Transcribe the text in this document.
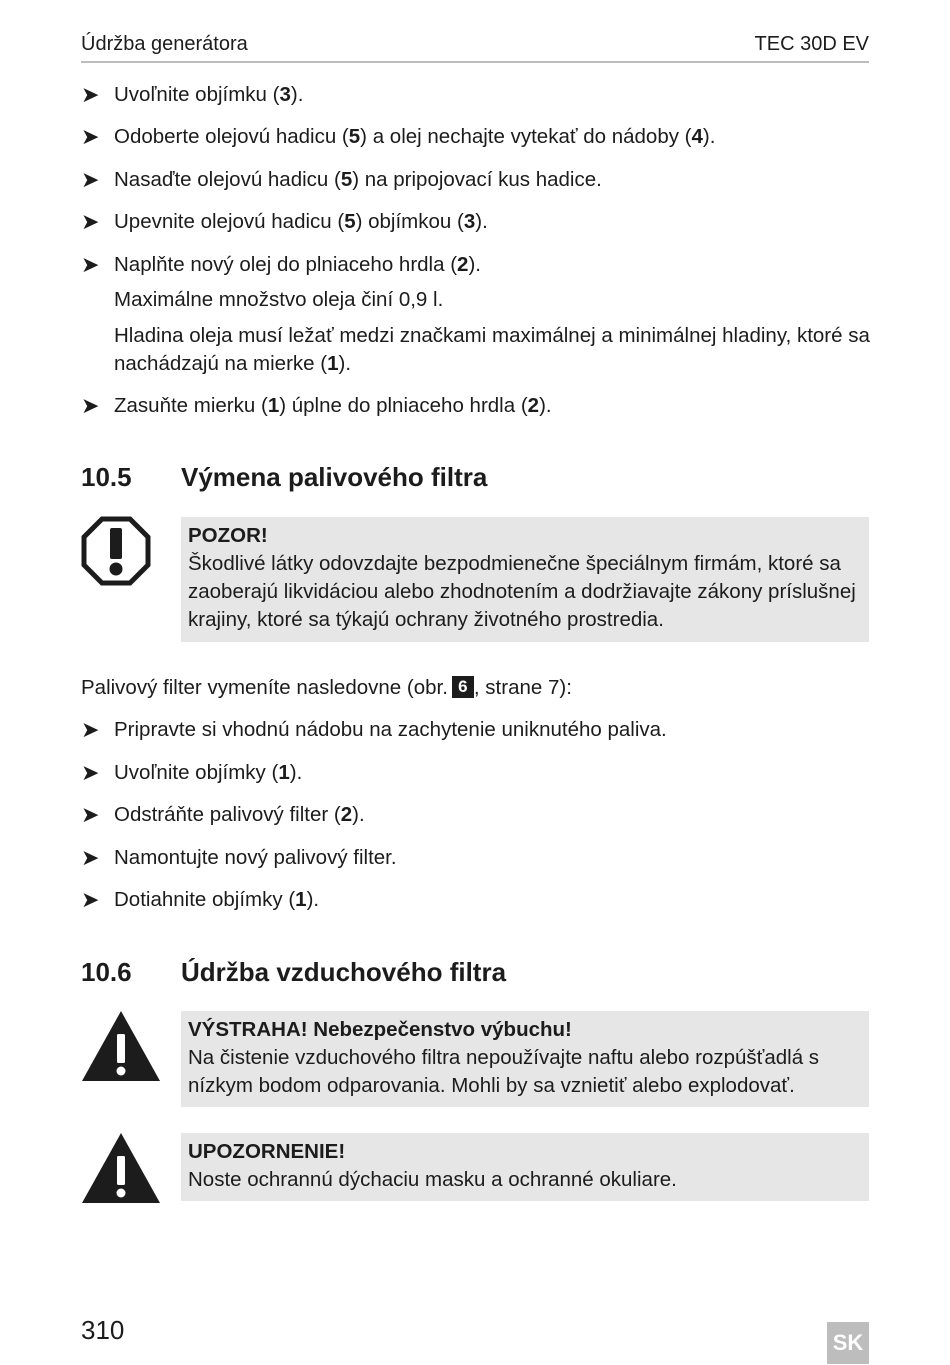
Údržba generátora	TEC 30D EV
➤ Uvoľnite objímku (3).
➤ Odoberte olejovú hadicu (5) a olej nechajte vytekať do nádoby (4).
➤ Nasaďte olejovú hadicu (5) na pripojovací kus hadice.
➤ Upevnite olejovú hadicu (5) objímkou (3).
➤ Naplňte nový olej do plniaceho hrdla (2).
Maximálne množstvo oleja činí 0,9 l.
Hladina oleja musí ležať medzi značkami maximálnej a minimálnej hladiny, ktoré sa nachádzajú na mierke (1).
➤ Zasuňte mierku (1) úplne do plniaceho hrdla (2).
10.5 Výmena palivového filtra
POZOR!
Škodlivé látky odovzdajte bezpodmienečne špeciálnym firmám, ktoré sa zaoberajú likvidáciou alebo zhodnotením a dodržiavajte zákony príslušnej krajiny, ktoré sa týkajú ochrany životného prostredia.
Palivový filter vymeníte nasledovne (obr. 6 , strane 7):
➤ Pripravte si vhodnú nádobu na zachytenie uniknutého paliva.
➤ Uvoľnite objímky (1).
➤ Odstráňte palivový filter (2).
➤ Namontujte nový palivový filter.
➤ Dotiahnite objímky (1).
10.6 Údržba vzduchového filtra
VÝSTRAHA! Nebezpečenstvo výbuchu!
Na čistenie vzduchového filtra nepoužívajte naftu alebo rozpúšťadlá s nízkym bodom odparovania. Mohli by sa vznietiť alebo explodovať.
UPOZORNENIE!
Noste ochrannú dýchaciu masku a ochranné okuliare.
310	SK
